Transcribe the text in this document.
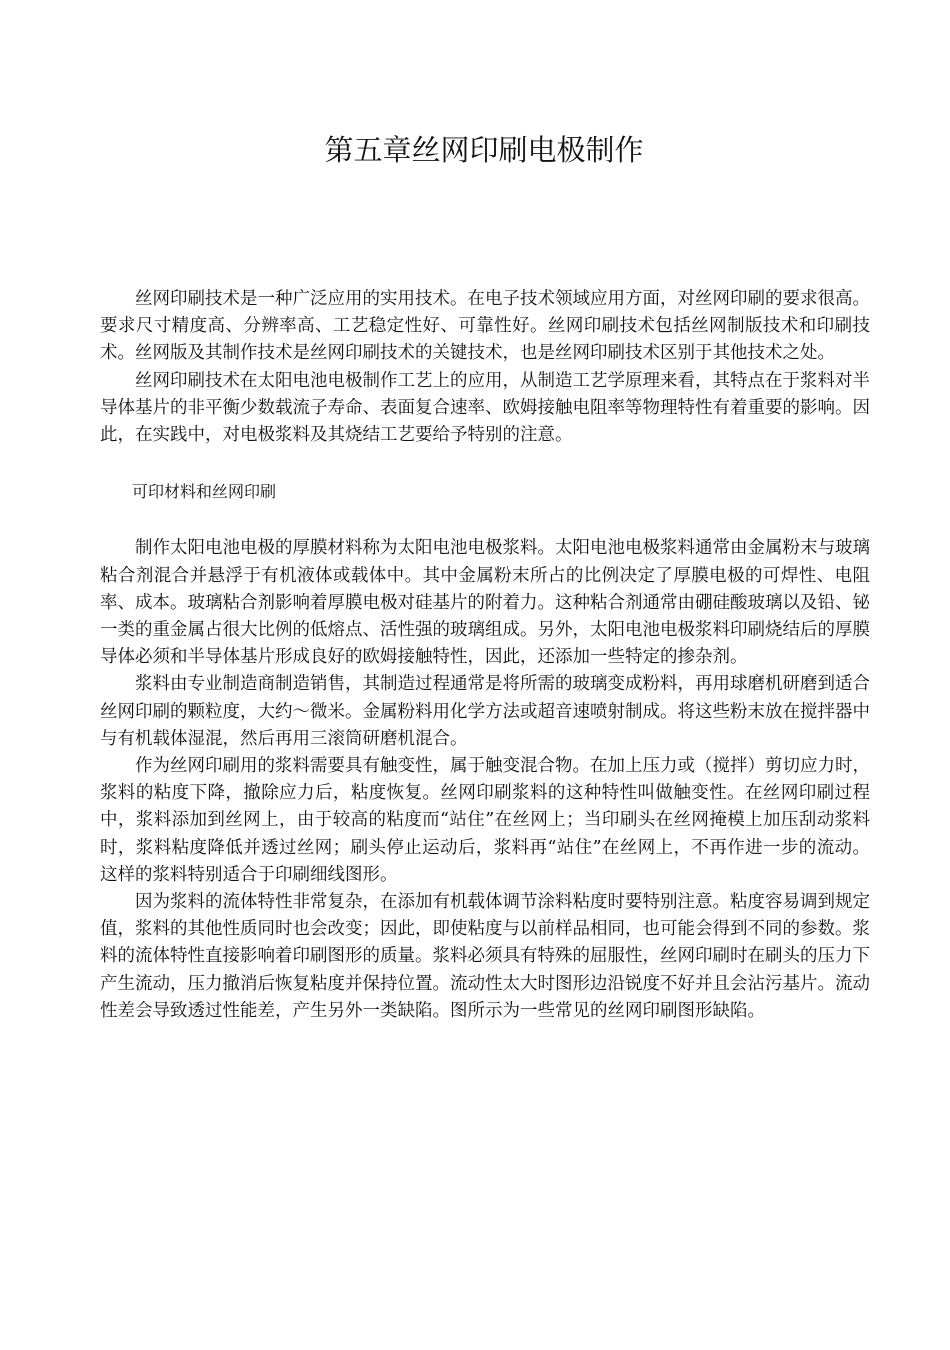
第五章丝网印刷电极制作

丝网印刷技术是一种广泛应用的实用技术。在电子技术领域应用方面，对丝网印刷的要求很高。要求尺寸精度高、分辨率高、工艺稳定性好、可靠性好。丝网印刷技术包括丝网制版技术和印刷技术。丝网版及其制作技术是丝网印刷技术的关键技术，也是丝网印刷技术区别于其他技术之处。

丝网印刷技术在太阳电池电极制作工艺上的应用，从制造工艺学原理来看，其特点在于浆料对半导体基片的非平衡少数载流子寿命、表面复合速率、欧姆接触电阻率等物理特性有着重要的影响。因此，在实践中，对电极浆料及其烧结工艺要给予特别的注意。

可印材料和丝网印刷

制作太阳电池电极的厚膜材料称为太阳电池电极浆料。太阳电池电极浆料通常由金属粉末与玻璃粘合剂混合并悬浮于有机液体或载体中。其中金属粉末所占的比例决定了厚膜电极的可焊性、电阻率、成本。玻璃粘合剂影响着厚膜电极对硅基片的附着力。这种粘合剂通常由硼硅酸玻璃以及铅、铋一类的重金属占很大比例的低熔点、活性强的玻璃组成。另外，太阳电池电极浆料印刷烧结后的厚膜导体必须和半导体基片形成良好的欧姆接触特性，因此，还添加一些特定的掺杂剂。

浆料由专业制造商制造销售，其制造过程通常是将所需的玻璃变成粉料，再用球磨机研磨到适合丝网印刷的颗粒度，大约～微米。金属粉料用化学方法或超音速喷射制成。将这些粉末放在搅拌器中与有机载体湿混，然后再用三滚筒研磨机混合。

作为丝网印刷用的浆料需要具有触变性，属于触变混合物。在加上压力或（搅拌）剪切应力时，浆料的粘度下降，撤除应力后，粘度恢复。丝网印刷浆料的这种特性叫做触变性。在丝网印刷过程中，浆料添加到丝网上，由于较高的粘度而“站住”在丝网上；当印刷头在丝网掩模上加压刮动浆料时，浆料粘度降低并透过丝网；刷头停止运动后，浆料再“站住”在丝网上，不再作进一步的流动。这样的浆料特别适合于印刷细线图形。

因为浆料的流体特性非常复杂，在添加有机载体调节涂料粘度时要特别注意。粘度容易调到规定值，浆料的其他性质同时也会改变；因此，即使粘度与以前样品相同，也可能会得到不同的参数。浆料的流体特性直接影响着印刷图形的质量。浆料必须具有特殊的屈服性，丝网印刷时在刷头的压力下产生流动，压力撤消后恢复粘度并保持位置。流动性太大时图形边沿锐度不好并且会沾污基片。流动性差会导致透过性能差，产生另外一类缺陷。图所示为一些常见的丝网印刷图形缺陷。
